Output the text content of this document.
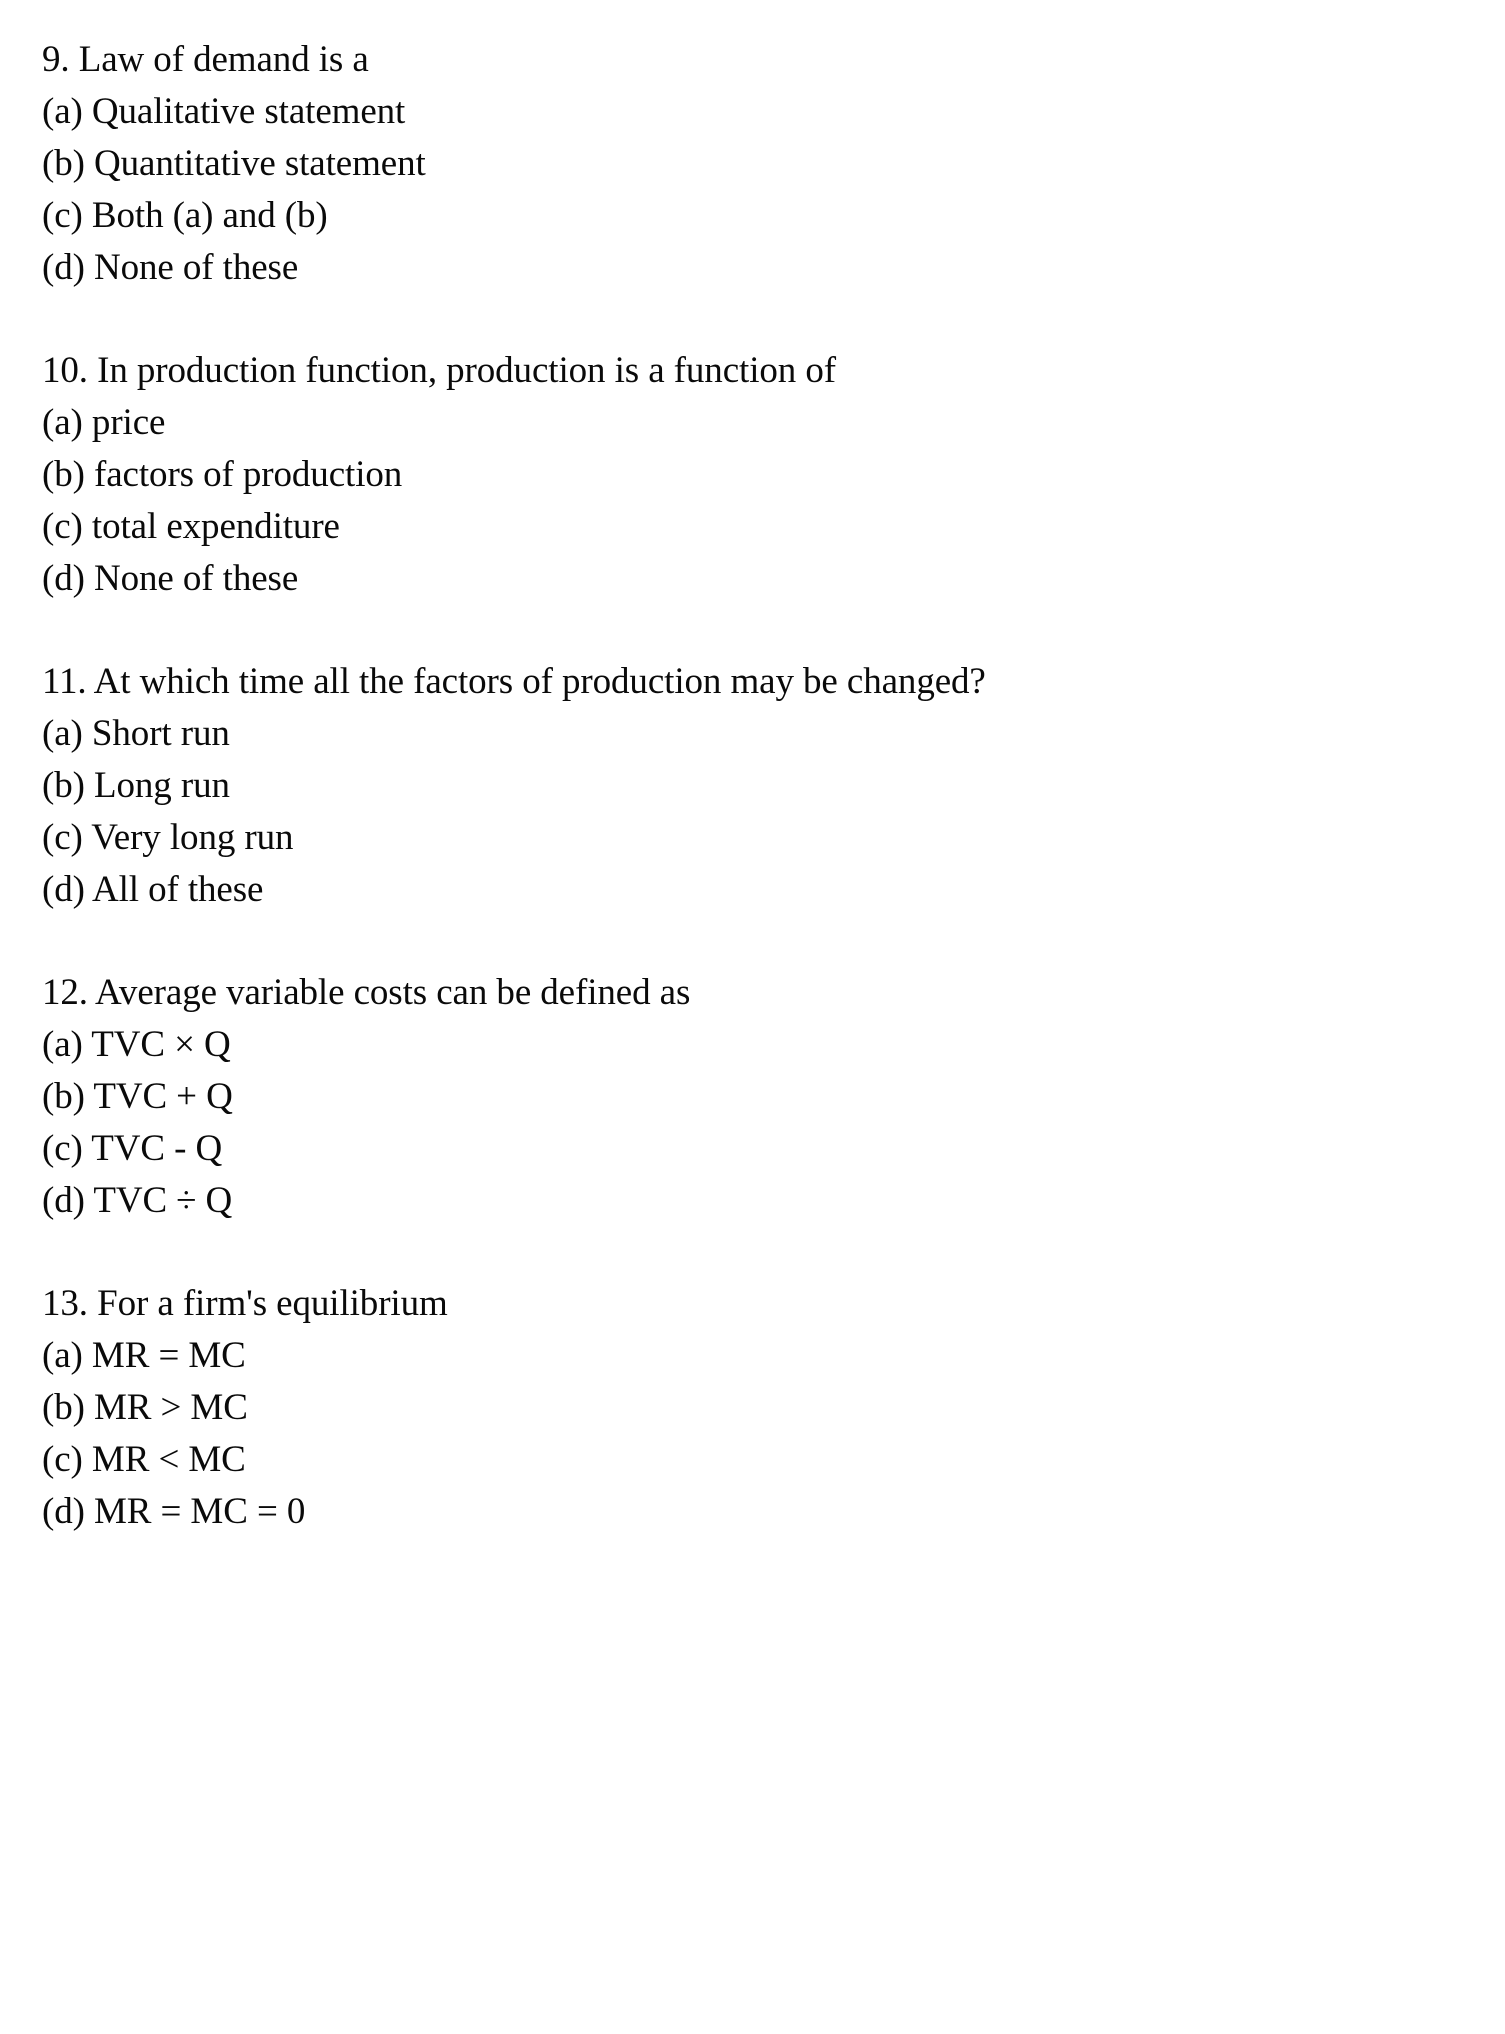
9. Law of demand is a
(a) Qualitative statement
(b) Quantitative statement
(c) Both (a) and (b)
(d) None of these
10. In production function, production is a function of
(a) price
(b) factors of production
(c) total expenditure
(d) None of these
11. At which time all the factors of production may be changed?
(a) Short run
(b) Long run
(c) Very long run
(d) All of these
12. Average variable costs can be defined as
(a) TVC × Q
(b) TVC + Q
(c) TVC - Q
(d) TVC ÷ Q
13. For a firm's equilibrium
(a) MR = MC
(b) MR > MC
(c) MR < MC
(d) MR = MC = 0
